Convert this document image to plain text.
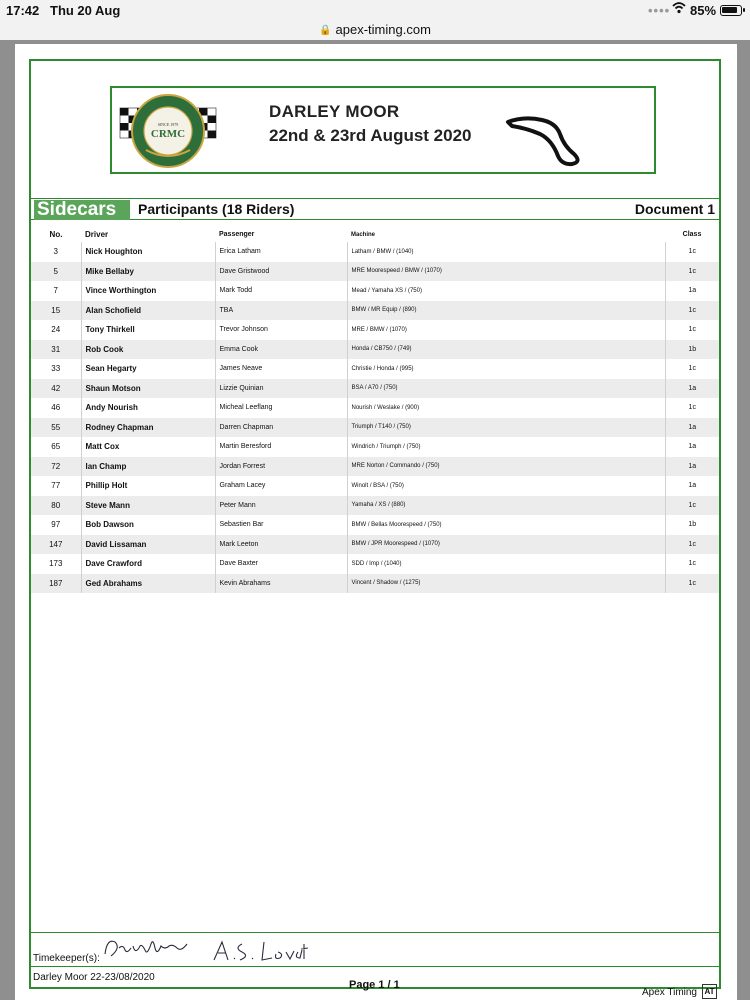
17:42 Thu 20 Aug	•••• 85%
🔒 apex-timing.com
SINCE 1979
CRMC
DARLEY MOOR
22nd & 23rd August 2020
Sidecars	Participants (18 Riders)	Document 1
No.	Driver	Passenger	Machine	Class
3	Nick Houghton	Erica Latham	Latham / BMW / (1040)	1c
5	Mike Bellaby	Dave Gristwood	MRE Moorespeed / BMW / (1070)	1c
7	Vince Worthington	Mark Todd	Mead / Yamaha XS / (750)	1a
15	Alan Schofield	TBA	BMW / MR Equip / (890)	1c
24	Tony Thirkell	Trevor Johnson	MRE / BMW / (1070)	1c
31	Rob Cook	Emma Cook	Honda / CB750 / (749)	1b
33	Sean Hegarty	James Neave	Christie / Honda / (995)	1c
42	Shaun Motson	Lizzie Quinian	BSA / A70 / (750)	1a
46	Andy Nourish	Micheal Leeflang	Nourish / Weslake / (900)	1c
55	Rodney Chapman	Darren Chapman	Triumph / T140 / (750)	1a
65	Matt Cox	Martin Beresford	Windrich / Triumph / (750)	1a
72	Ian Champ	Jordan Forrest	MRE Norton / Commando / (750)	1a
77	Phillip Holt	Graham Lacey	Winolt / BSA / (750)	1a
80	Steve Mann	Peter Mann	Yamaha / XS / (880)	1c
97	Bob Dawson	Sebastien Bar	BMW / Bellas Moorespeed / (750)	1b
147	David Lissaman	Mark Leeton	BMW / JPR Moorespeed / (1070)	1c
173	Dave Crawford	Dave Baxter	SDD / Imp / (1040)	1c
187	Ged Abrahams	Kevin Abrahams	Vincent / Shadow / (1275)	1c
Timekeeper(s):
Darley Moor 22-23/08/2020
Page 1 / 1
Apex Timing AT
